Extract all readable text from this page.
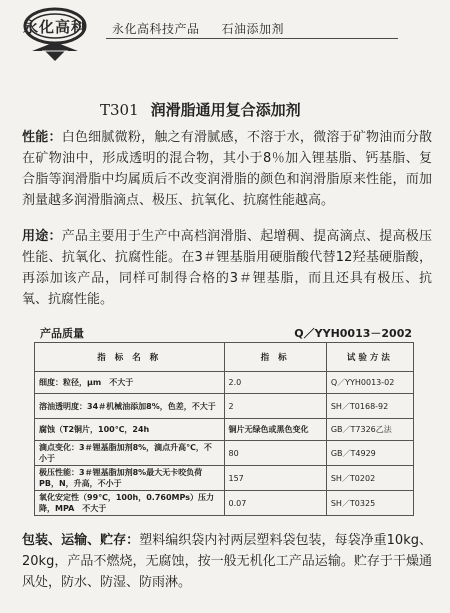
永化高科 永化高科技产品 石油添加剂
T301 润滑脂通用复合添加剂
性能：白色细腻微粉，触之有滑腻感，不溶于水，微溶于矿物油而分散在矿物油中，形成透明的混合物，其小于8％加入锂基脂、钙基脂、复合脂等润滑脂中均属质后不改变润滑脂的颜色和润滑脂原来性能，而加剂量越多润滑脂滴点、极压、抗氧化、抗腐性能越高。
用途：产品主要用于生产中高档润滑脂、起增稠、提高滴点、提高极压性能、抗氧化、抗腐性能。在3＃锂基脂用硬脂酸代替12羟基硬脂酸，再添加该产品，同样可制得合格的3＃锂基脂，而且还具有极压、抗氧、抗腐性能。
产品质量	Q／YYH0013－2002
指 标 名 称	指 标	试验方法
细度：粒径，μm　不大于	2.0	Q／YYH0013-02
溶油透明度：34＃机械油添加8%，色差，不大于	2	SH／T0168-92
腐蚀（T2铜片，100℃，24h	铜片无绿色或黑色变化	GB／T7326乙法
滴点变化：3＃锂基脂加剂8%，滴点升高℃，不小于	80	GB／T4929
极压性能：3＃锂基脂加剂8%最大无卡咬负荷PB，N，升高，不小于	157	SH／T0202
氧化安定性（99℃，100h，0.760MPs）压力降，MPA　不大于	0.07	SH／T0325
包装、运输、贮存：塑料编织袋内衬两层塑料袋包装，每袋净重10kg、20kg，产品不燃烧，无腐蚀，按一般无机化工产品运输。贮存于干燥通风处，防水、防湿、防雨淋。
